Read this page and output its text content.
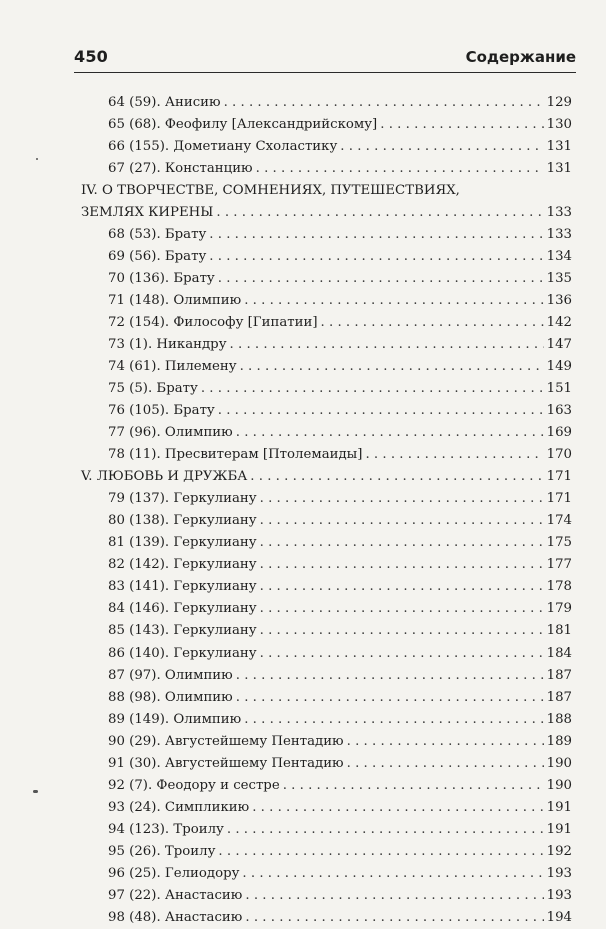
450	Содержание
64 (59). Анисию . . .	129
65 (68). Феофилу [Александрийскому] . . .	130
66 (155). Дометиану Схоластику . . .	131
67 (27). Констанцию . . .	131
IV. О ТВОРЧЕСТВЕ, СОМНЕНИЯХ, ПУТЕШЕСТВИЯХ,
ЗЕМЛЯХ КИРЕНЫ . . .	133
68 (53). Брату . . .	133
69 (56). Брату . . .	134
70 (136). Брату . . .	135
71 (148). Олимпию . . .	136
72 (154). Философу [Гипатии] . . .	142
73 (1). Никандру . . .	147
74 (61). Пилемену . . .	149
75 (5). Брату . . .	151
76 (105). Брату . . .	163
77 (96). Олимпию . . .	169
78 (11). Пресвитерам [Птолемаиды] . . .	170
V. ЛЮБОВЬ И ДРУЖБА . . .	171
79 (137). Геркулиану . . .	171
80 (138). Геркулиану . . .	174
81 (139). Геркулиану . . .	175
82 (142). Геркулиану . . .	177
83 (141). Геркулиану . . .	178
84 (146). Геркулиану . . .	179
85 (143). Геркулиану . . .	181
86 (140). Геркулиану . . .	184
87 (97). Олимпию . . .	187
88 (98). Олимпию . . .	187
89 (149). Олимпию . . .	188
90 (29). Августейшему Пентадию . . .	189
91 (30). Августейшему Пентадию . . .	190
92 (7). Феодору и сестре . . .	190
93 (24). Симпликию . . .	191
94 (123). Троилу . . .	191
95 (26). Троилу . . .	192
96 (25). Гелиодору . . .	193
97 (22). Анастасию . . .	193
98 (48). Анастасию . . .	194
